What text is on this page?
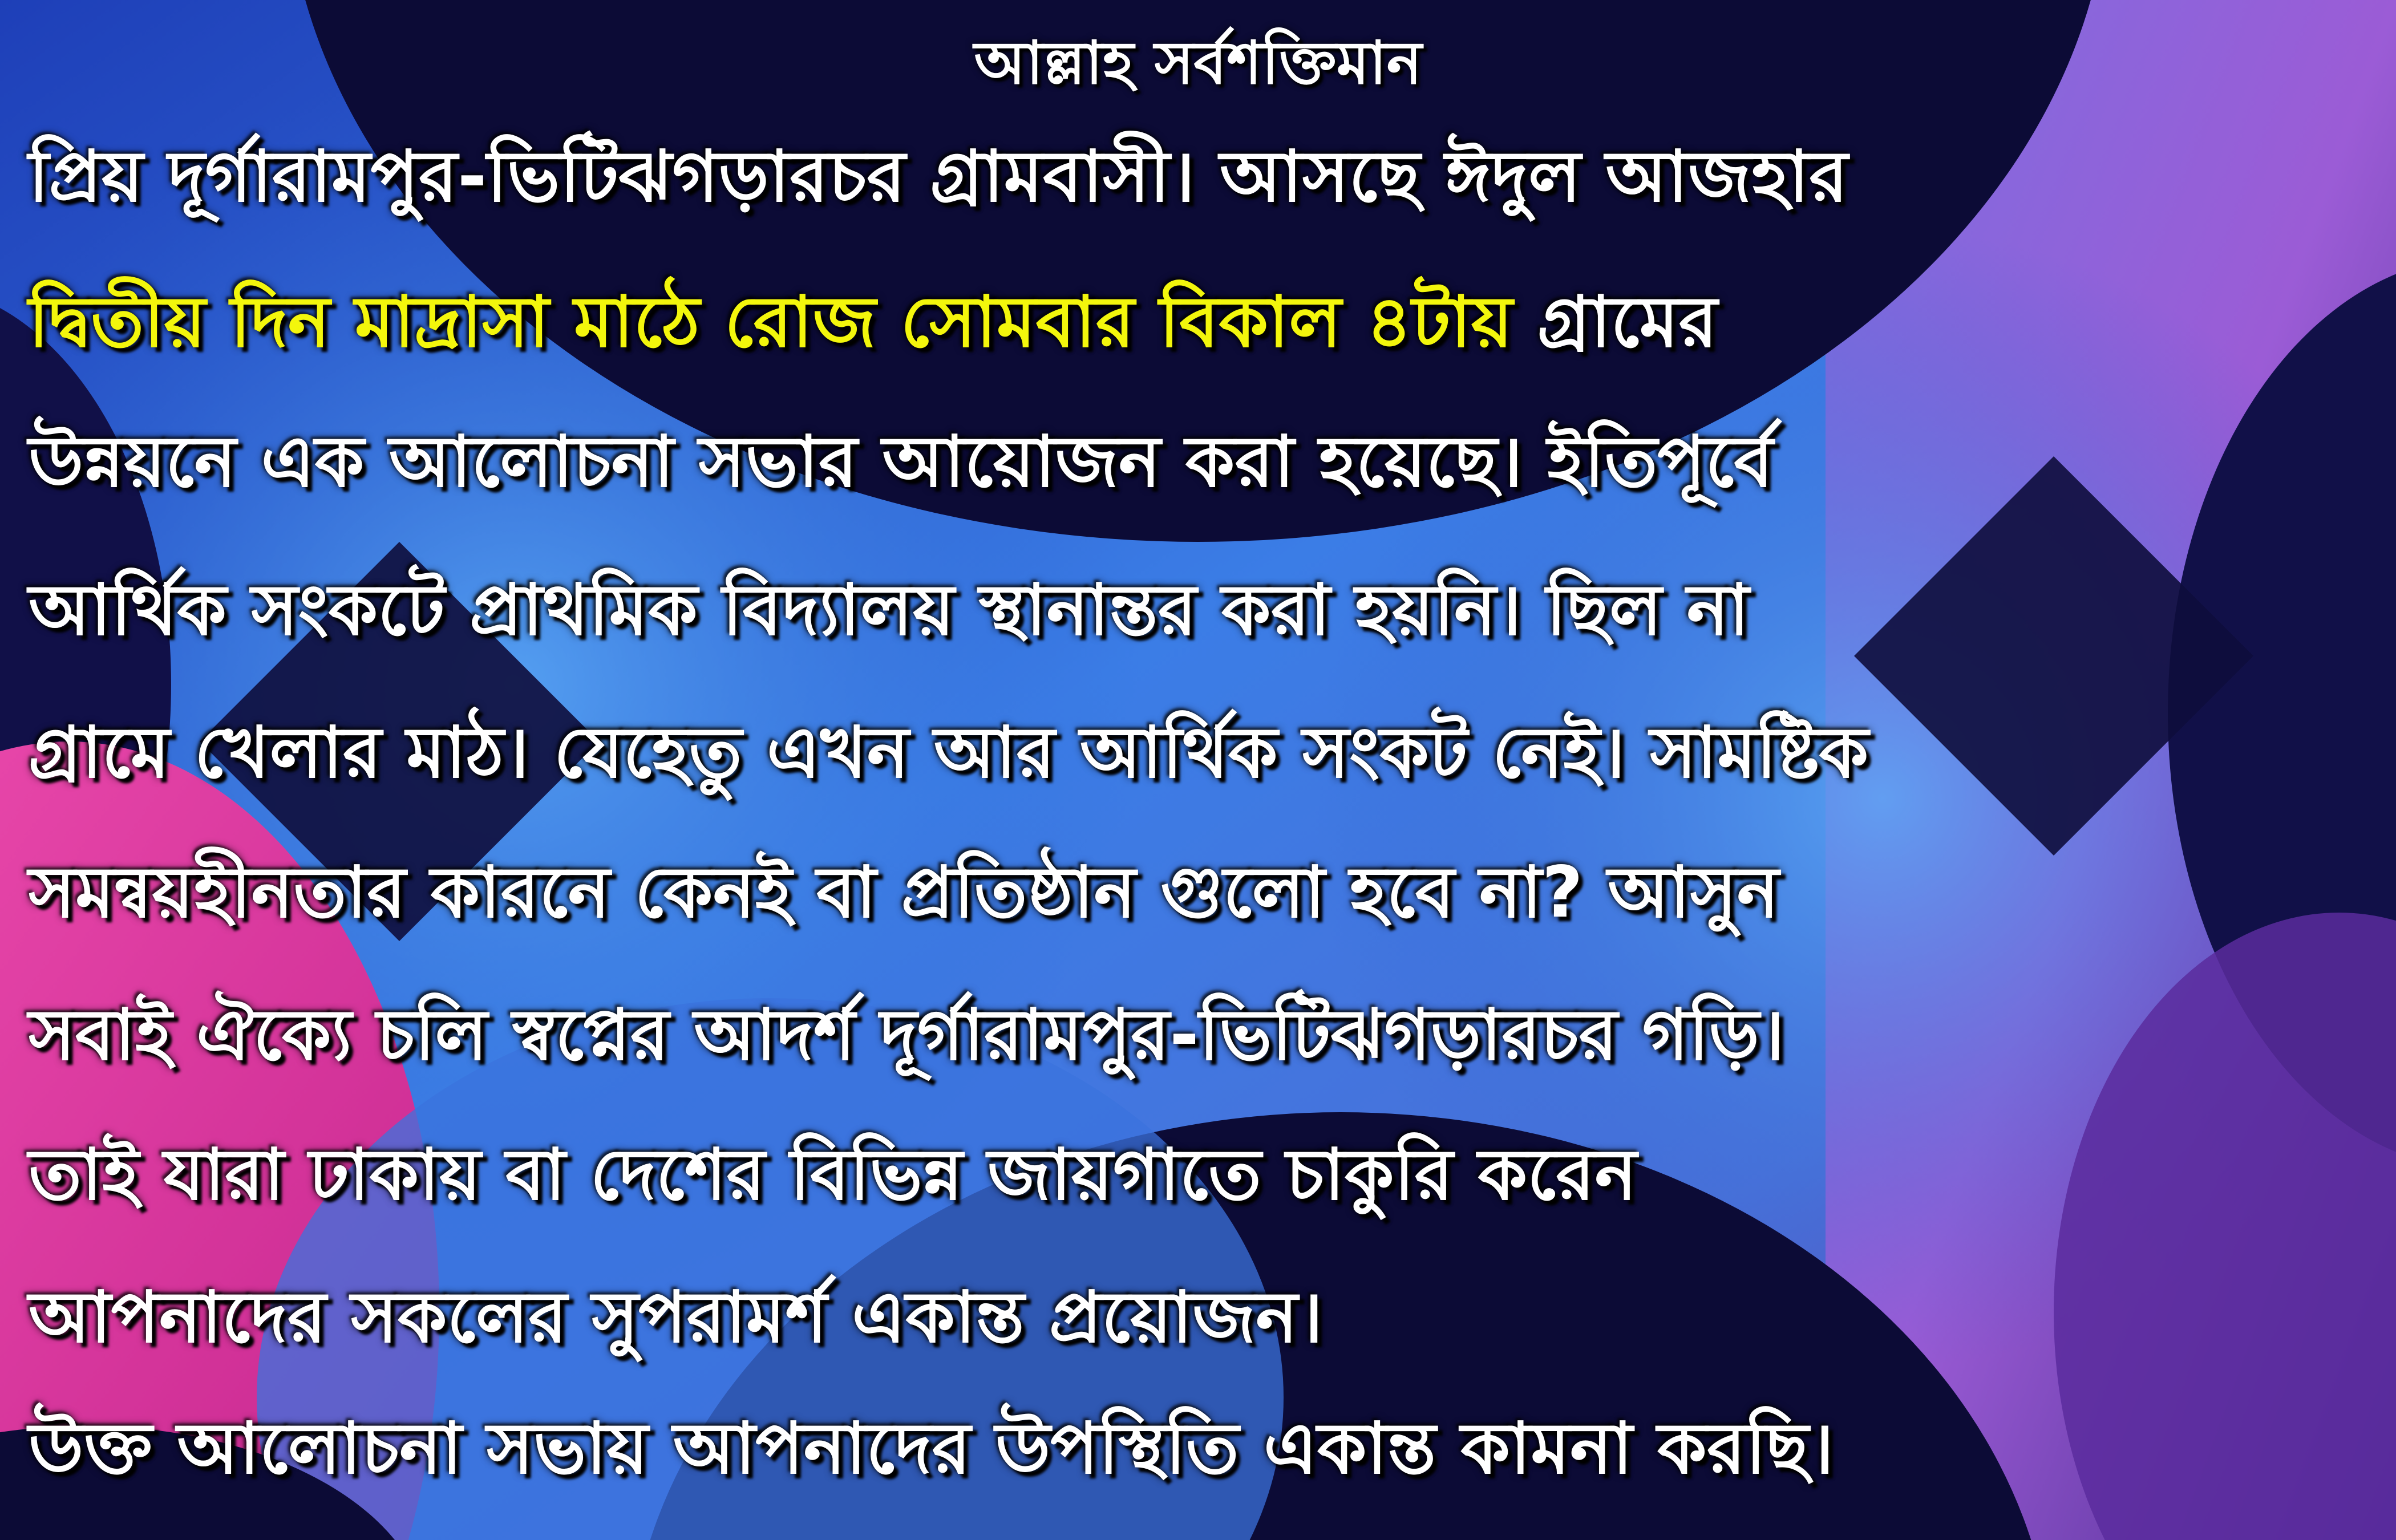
আল্লাহ সর্বশক্তিমান
প্রিয় দূর্গারামপুর-ভিটিঝগড়ারচর গ্রামবাসী। আসছে ঈদুল আজহার
দ্বিতীয় দিন মাদ্রাসা মাঠে রোজ সোমবার বিকাল ৪টায় গ্রামের
উন্নয়নে এক আলোচনা সভার আয়োজন করা হয়েছে। ইতিপূর্বে
আর্থিক সংকটে প্রাথমিক বিদ্যালয় স্থানান্তর করা হয়নি। ছিল না
গ্রামে খেলার মাঠ। যেহেতু এখন আর আর্থিক সংকট নেই। সামষ্টিক
সমন্বয়হীনতার কারনে কেনই বা প্রতিষ্ঠান গুলো হবে না? আসুন
সবাই ঐক্যে চলি স্বপ্নের আদর্শ দূর্গারামপুর-ভিটিঝগড়ারচর গড়ি।
তাই যারা ঢাকায় বা দেশের বিভিন্ন জায়গাতে চাকুরি করেন
আপনাদের সকলের সুপরামর্শ একান্ত প্রয়োজন।
উক্ত আলোচনা সভায় আপনাদের উপস্থিতি একান্ত কামনা করছি।
